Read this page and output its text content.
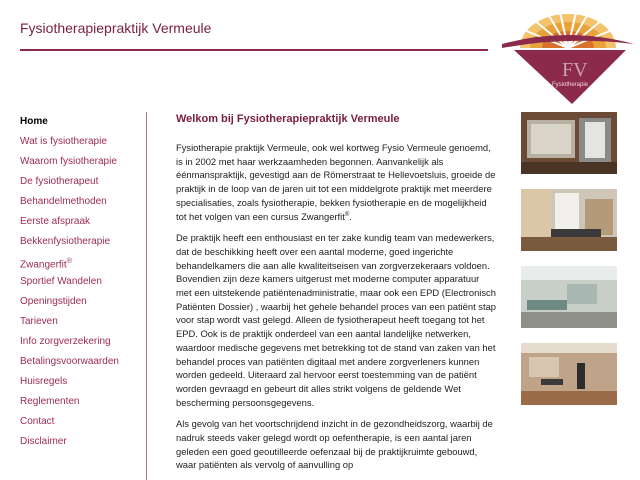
Fysiotherapiepraktijk Vermeule
FV
Fysiotherapie
Home
Wat is fysiotherapie
Waarom fysiotherapie
De fysiotherapeut
Behandelmethoden
Eerste afspraak
Bekkenfysiotherapie
Zwangerfit®
Sportief Wandelen
Openingstijden
Tarieven
Info zorgverzekering
Betalingsvoorwaarden
Huisregels
Reglementen
Contact
Disclaimer
Welkom bij Fysiotherapiepraktijk Vermeule

Fysiotherapie praktijk Vermeule, ook wel kortweg Fysio Vermeule genoemd, is in 2002 met haar werkzaamheden begonnen. Aanvankelijk als éénmanspraktijk, gevestigd aan de Römerstraat te Hellevoetsluis, groeide de praktijk in de loop van de jaren uit tot een middelgrote praktijk met meerdere specialisaties, zoals fysiotherapie, bekken fysiotherapie en de mogelijkheid tot het volgen van een cursus Zwangerfit®.

De praktijk heeft een enthousiast en ter zake kundig team van medewerkers, dat de beschikking heeft over een aantal moderne, goed ingerichte behandelkamers die aan alle kwaliteitseisen van zorgverzekeraars voldoen. Bovendien zijn deze kamers uitgerust met moderne computer apparatuur met een uitstekende patiëntenadministratie, maar ook een EPD (Electronisch Patiënten Dossier) , waarbij het gehele behandel proces van een patiënt stap voor stap wordt vast gelegd. Alleen de fysiotherapeut heeft toegang tot het EPD. Ook is de praktijk onderdeel van een aantal landelijke netwerken, waardoor medische gegevens met betrekking tot de stand van zaken van het behandel proces van patiënten digitaal met andere zorgverleners kunnen worden gedeeld. Uiteraard zal hervoor eerst toestemming van de patiënt worden gevraagd en gebeurt dit alles strikt volgens de geldende Wet bescherming persoonsgegevens.

Als gevolg van het voortschrijdend inzicht in de gezondheidszorg, waarbij de nadruk steeds vaker gelegd wordt op oefentherapie, is een aantal jaren geleden een goed geoutilleerde oefenzaal bij de praktijkruimte gebouwd, waar patiënten als vervolg of aanvulling op
